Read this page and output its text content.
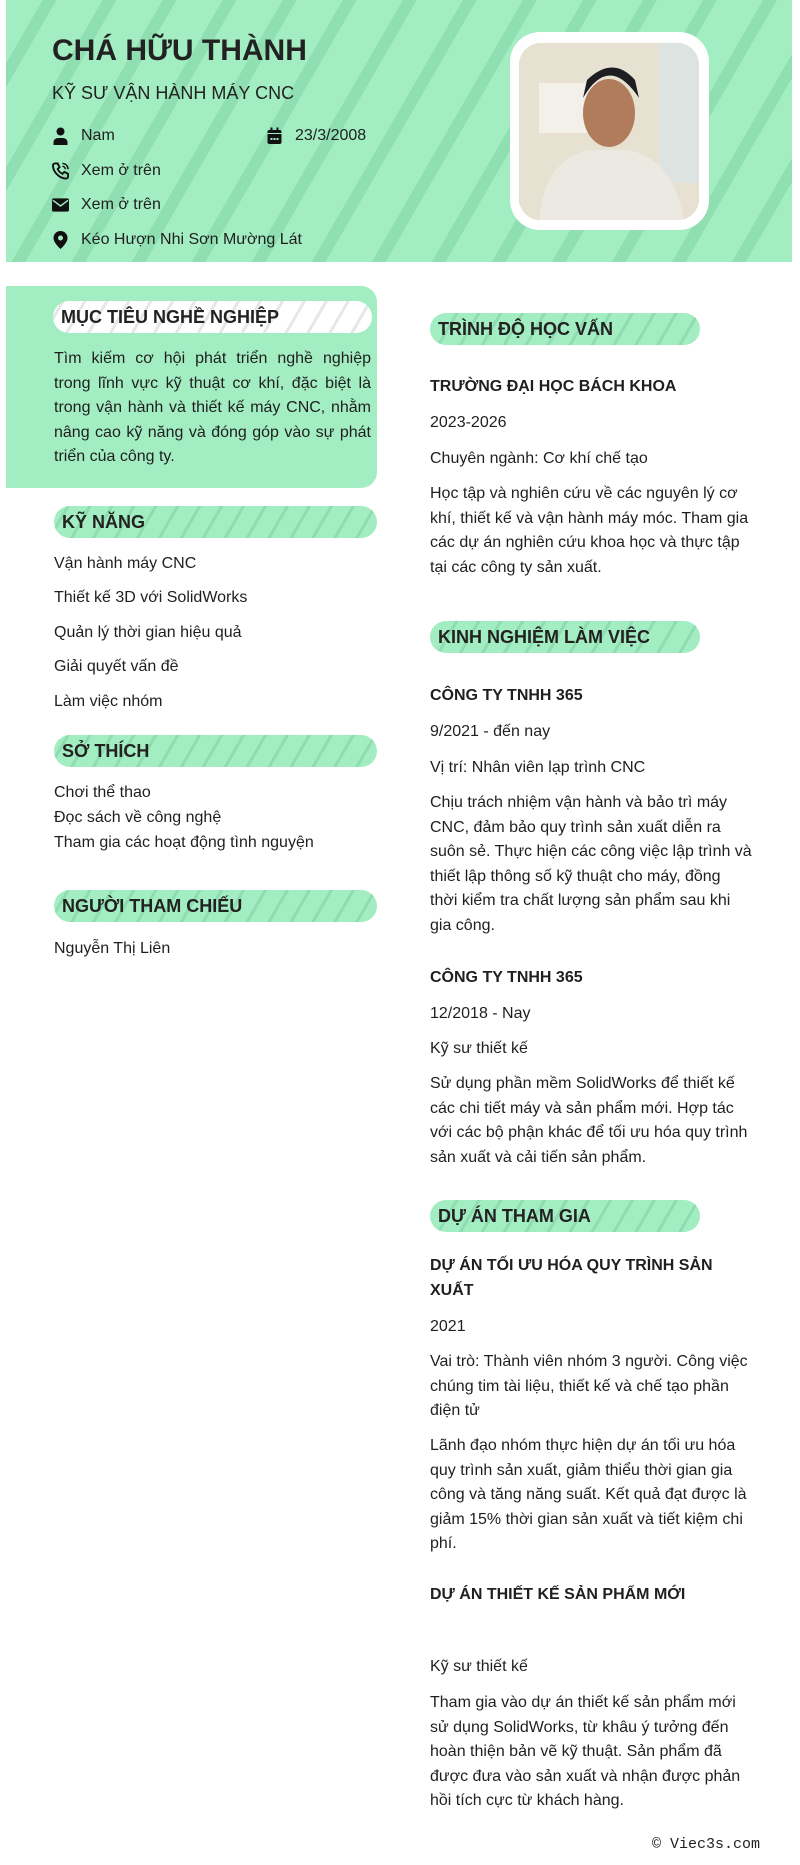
CHÁ HỮU THÀNH
KỸ SƯ VẬN HÀNH MÁY CNC
Nam	23/3/2008
Xem ở trên
Xem ở trên
Kéo Hượn Nhi Sơn Mường Lát
MỤC TIÊU NGHỀ NGHIỆP
Tìm kiếm cơ hội phát triển nghề nghiệp trong lĩnh vực kỹ thuật cơ khí, đặc biệt là trong vận hành và thiết kế máy CNC, nhằm nâng cao kỹ năng và đóng góp vào sự phát triển của công ty.
KỸ NĂNG
Vận hành máy CNC
Thiết kế 3D với SolidWorks
Quản lý thời gian hiệu quả
Giải quyết vấn đề
Làm việc nhóm
SỞ THÍCH
Chơi thể thao
Đọc sách về công nghệ
Tham gia các hoạt động tình nguyện
NGƯỜI THAM CHIẾU
Nguyễn Thị Liên
TRÌNH ĐỘ HỌC VẤN
TRƯỜNG ĐẠI HỌC BÁCH KHOA
2023-2026
Chuyên ngành: Cơ khí chế tạo
Học tập và nghiên cứu về các nguyên lý cơ khí, thiết kế và vận hành máy móc. Tham gia các dự án nghiên cứu khoa học và thực tập tại các công ty sản xuất.
KINH NGHIỆM LÀM VIỆC
CÔNG TY TNHH 365
9/2021 - đến nay
Vị trí: Nhân viên lạp trình CNC
Chịu trách nhiệm vận hành và bảo trì máy CNC, đảm bảo quy trình sản xuất diễn ra suôn sẻ. Thực hiện các công việc lập trình và thiết lập thông số kỹ thuật cho máy, đồng thời kiểm tra chất lượng sản phẩm sau khi gia công.
CÔNG TY TNHH 365
12/2018 - Nay
Kỹ sư thiết kế
Sử dụng phần mềm SolidWorks để thiết kế các chi tiết máy và sản phẩm mới. Hợp tác với các bộ phận khác để tối ưu hóa quy trình sản xuất và cải tiến sản phẩm.
DỰ ÁN THAM GIA
DỰ ÁN TỐI ƯU HÓA QUY TRÌNH SẢN XUẤT
2021
Vai trò: Thành viên nhóm 3 người. Công việc chúng tim tài liệu, thiết kế và chế tạo phần điện tử
Lãnh đạo nhóm thực hiện dự án tối ưu hóa quy trình sản xuất, giảm thiểu thời gian gia công và tăng năng suất. Kết quả đạt được là giảm 15% thời gian sản xuất và tiết kiệm chi phí.
DỰ ÁN THIẾT KẾ SẢN PHẨM MỚI
Kỹ sư thiết kế
Tham gia vào dự án thiết kế sản phẩm mới sử dụng SolidWorks, từ khâu ý tưởng đến hoàn thiện bản vẽ kỹ thuật. Sản phẩm đã được đưa vào sản xuất và nhận được phản hồi tích cực từ khách hàng.
© Viec3s.com
